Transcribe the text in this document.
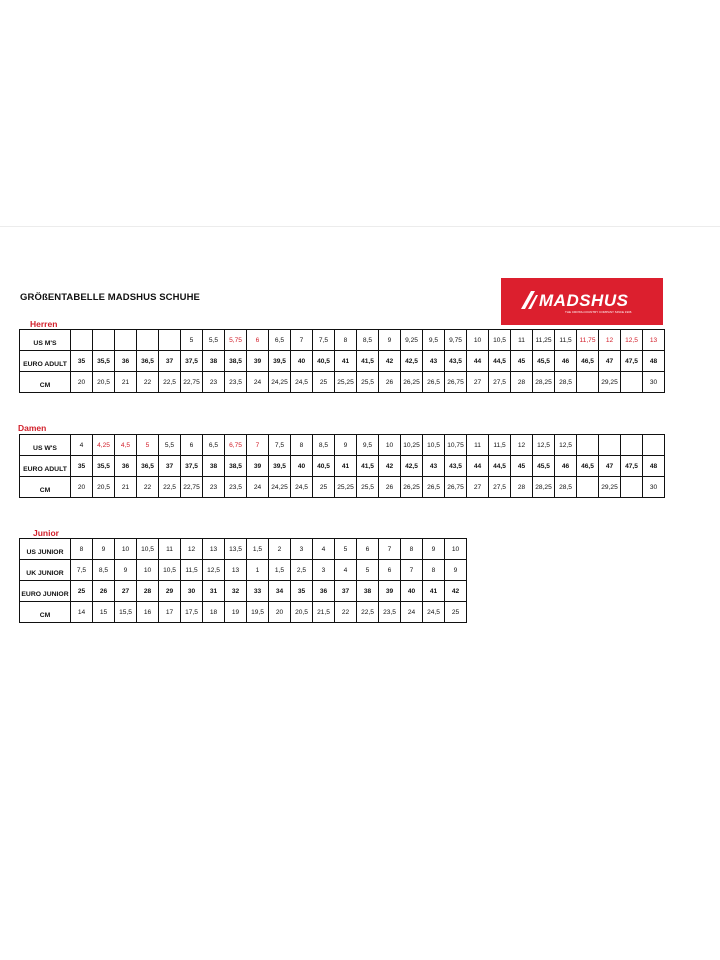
GRÖßENTABELLE MADSHUS SCHUHE	MADSHUS
THE CROSS-COUNTRY COMPANY SINCE 1906
Herren
US M'S						5	5,5	5,75	6	6,5	7	7,5	8	8,5	9	9,25	9,5	9,75	10	10,5	11	11,25	11,5	11,75	12	12,5	13
EURO ADULT	35	35,5	36	36,5	37	37,5	38	38,5	39	39,5	40	40,5	41	41,5	42	42,5	43	43,5	44	44,5	45	45,5	46	46,5	47	47,5	48
CM	20	20,5	21	22	22,5	22,75	23	23,5	24	24,25	24,5	25	25,25	25,5	26	26,25	26,5	26,75	27	27,5	28	28,25	28,5		29,25		30
Damen
US W'S	4	4,25	4,5	5	5,5	6	6,5	6,75	7	7,5	8	8,5	9	9,5	10	10,25	10,5	10,75	11	11,5	12	12,5	12,5				
EURO ADULT	35	35,5	36	36,5	37	37,5	38	38,5	39	39,5	40	40,5	41	41,5	42	42,5	43	43,5	44	44,5	45	45,5	46	46,5	47	47,5	48
CM	20	20,5	21	22	22,5	22,75	23	23,5	24	24,25	24,5	25	25,25	25,5	26	26,25	26,5	26,75	27	27,5	28	28,25	28,5		29,25		30
Junior
US JUNIOR	8	9	10	10,5	11	12	13	13,5	1,5	2	3	4	5	6	7	8	9	10
UK JUNIOR	7,5	8,5	9	10	10,5	11,5	12,5	13	1	1,5	2,5	3	4	5	6	7	8	9
EURO JUNIOR	25	26	27	28	29	30	31	32	33	34	35	36	37	38	39	40	41	42
CM	14	15	15,5	16	17	17,5	18	19	19,5	20	20,5	21,5	22	22,5	23,5	24	24,5	25
